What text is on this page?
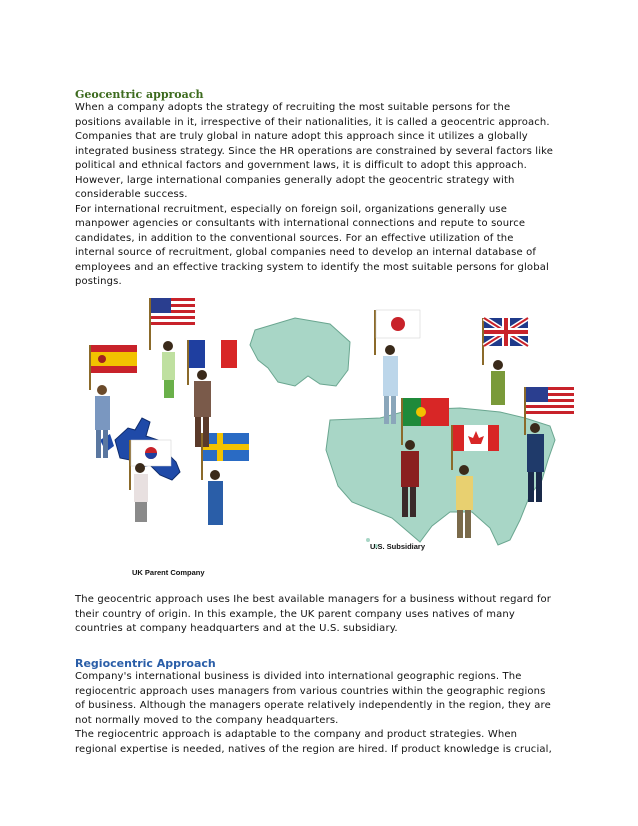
Geocentric approach

When a company adopts the strategy of recruiting the most suitable persons for the
positions available in it, irrespective of their nationalities, it is called a geocentric approach.
Companies that are truly global in nature adopt this approach since it utilizes a globally
integrated business strategy. Since the HR operations are constrained by several factors like
political and ethnical factors and government laws, it is difficult to adopt this approach.
However, large international companies generally adopt the geocentric strategy with
considerable success.
For international recruitment, especially on foreign soil, organizations generally use
manpower agencies or consultants with international connections and repute to source
candidates, in addition to the conventional sources. For an effective utilization of the
internal source of recruitment, global companies need to develop an internal database of
employees and an effective tracking system to identify the most suitable persons for global
postings.

UK Parent Company
U.S. Subsidiary

The geocentric approach uses Ihe best available managers for a business without regard for
their country of origin. In this example, the UK parent company uses natives of many
countries at company headquarters and at the U.S. subsidiary.

Regiocentric Approach

Company's international business is divided into international geographic regions. The
regiocentric approach uses managers from various countries within the geographic regions
of business. Although the managers operate relatively independently in the region, they are
not normally moved to the company headquarters.
The regiocentric approach is adaptable to the company and product strategies. When
regional expertise is needed, natives of the region are hired. If product knowledge is crucial,
